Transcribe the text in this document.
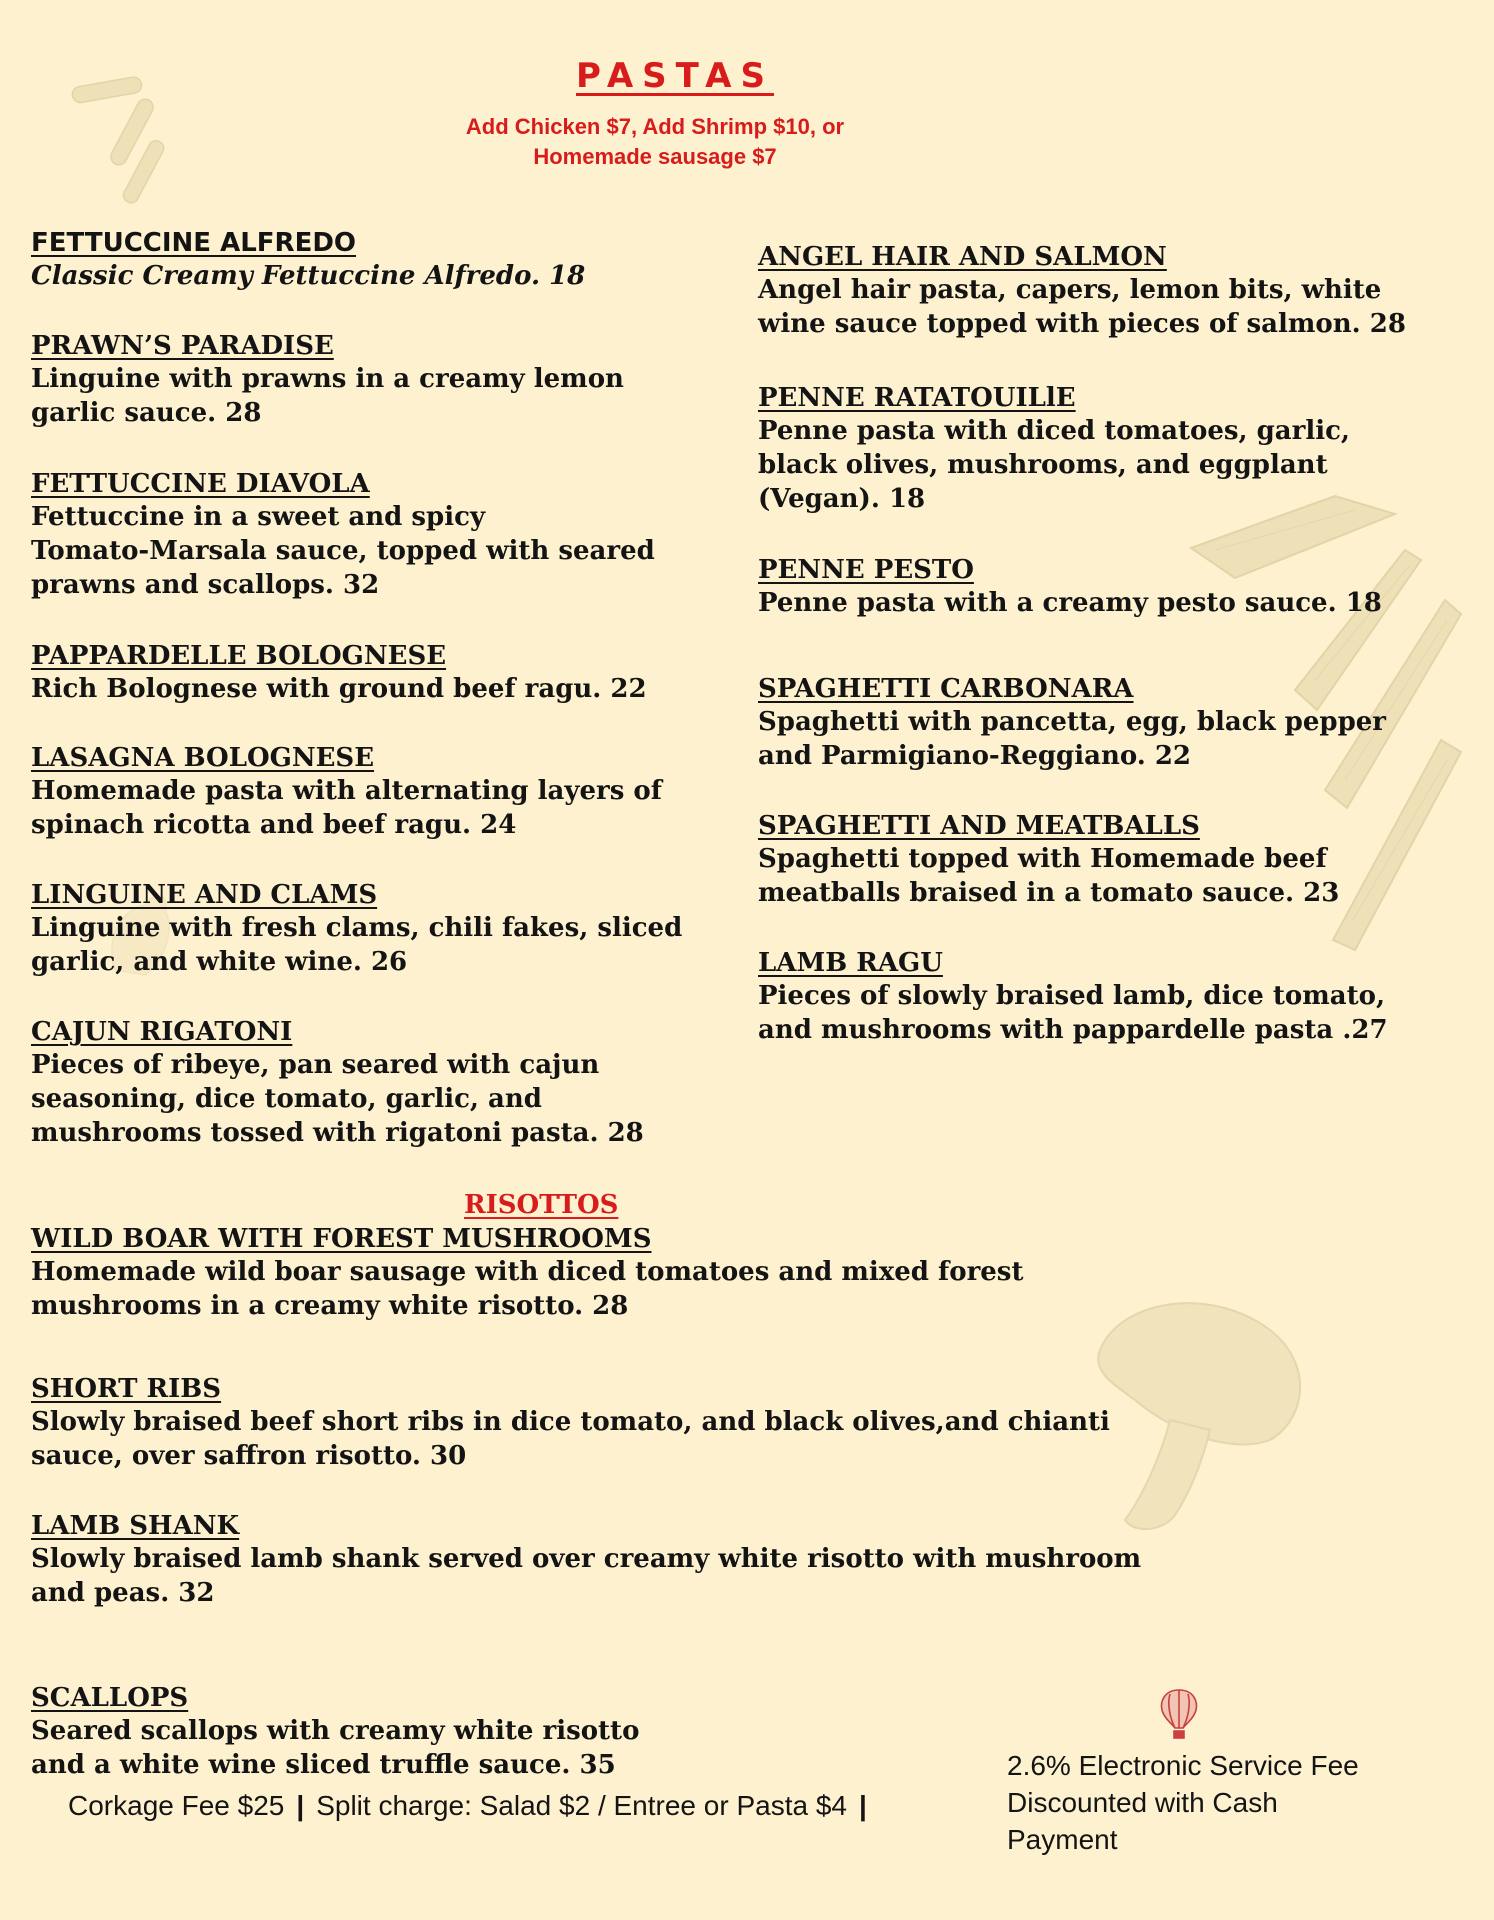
PASTAS
Add Chicken $7, Add Shrimp $10, or
Homemade sausage $7
FETTUCCINE ALFREDO
Classic Creamy Fettuccine Alfredo. 18
PRAWN’S PARADISE
Linguine with prawns in a creamy lemon
garlic sauce. 28
FETTUCCINE DIAVOLA
Fettuccine in a sweet and spicy
Tomato-Marsala sauce, topped with seared
prawns and scallops. 32
PAPPARDELLE BOLOGNESE
Rich Bolognese with ground beef ragu. 22
LASAGNA BOLOGNESE
Homemade pasta with alternating layers of
spinach ricotta and beef ragu. 24
LINGUINE AND CLAMS
Linguine with fresh clams, chili fakes, sliced
garlic, and white wine. 26
CAJUN RIGATONI
Pieces of ribeye, pan seared with cajun
seasoning, dice tomato, garlic, and
mushrooms tossed with rigatoni pasta. 28
ANGEL HAIR AND SALMON
Angel hair pasta, capers, lemon bits, white
wine sauce topped with pieces of salmon. 28
PENNE RATATOUILlE
Penne pasta with diced tomatoes, garlic,
black olives, mushrooms, and eggplant
(Vegan). 18
PENNE PESTO
Penne pasta with a creamy pesto sauce. 18
SPAGHETTI CARBONARA
Spaghetti with pancetta, egg, black pepper
and Parmigiano-Reggiano. 22
SPAGHETTI AND MEATBALLS
Spaghetti topped with Homemade beef
meatballs braised in a tomato sauce. 23
LAMB RAGU
Pieces of slowly braised lamb, dice tomato,
and mushrooms with pappardelle pasta .27
RISOTTOS
WILD BOAR WITH FOREST MUSHROOMS
Homemade wild boar sausage with diced tomatoes and mixed forest
mushrooms in a creamy white risotto. 28
SHORT RIBS
Slowly braised beef short ribs in dice tomato, and black olives,and chianti
sauce, over saffron risotto. 30
LAMB SHANK
Slowly braised lamb shank served over creamy white risotto with mushroom
and peas. 32
SCALLOPS
Seared scallops with creamy white risotto
and a white wine sliced truffle sauce. 35
Corkage Fee $25 | Split charge: Salad $2 / Entree or Pasta $4 |
2.6% Electronic Service Fee
Discounted with Cash
Payment
